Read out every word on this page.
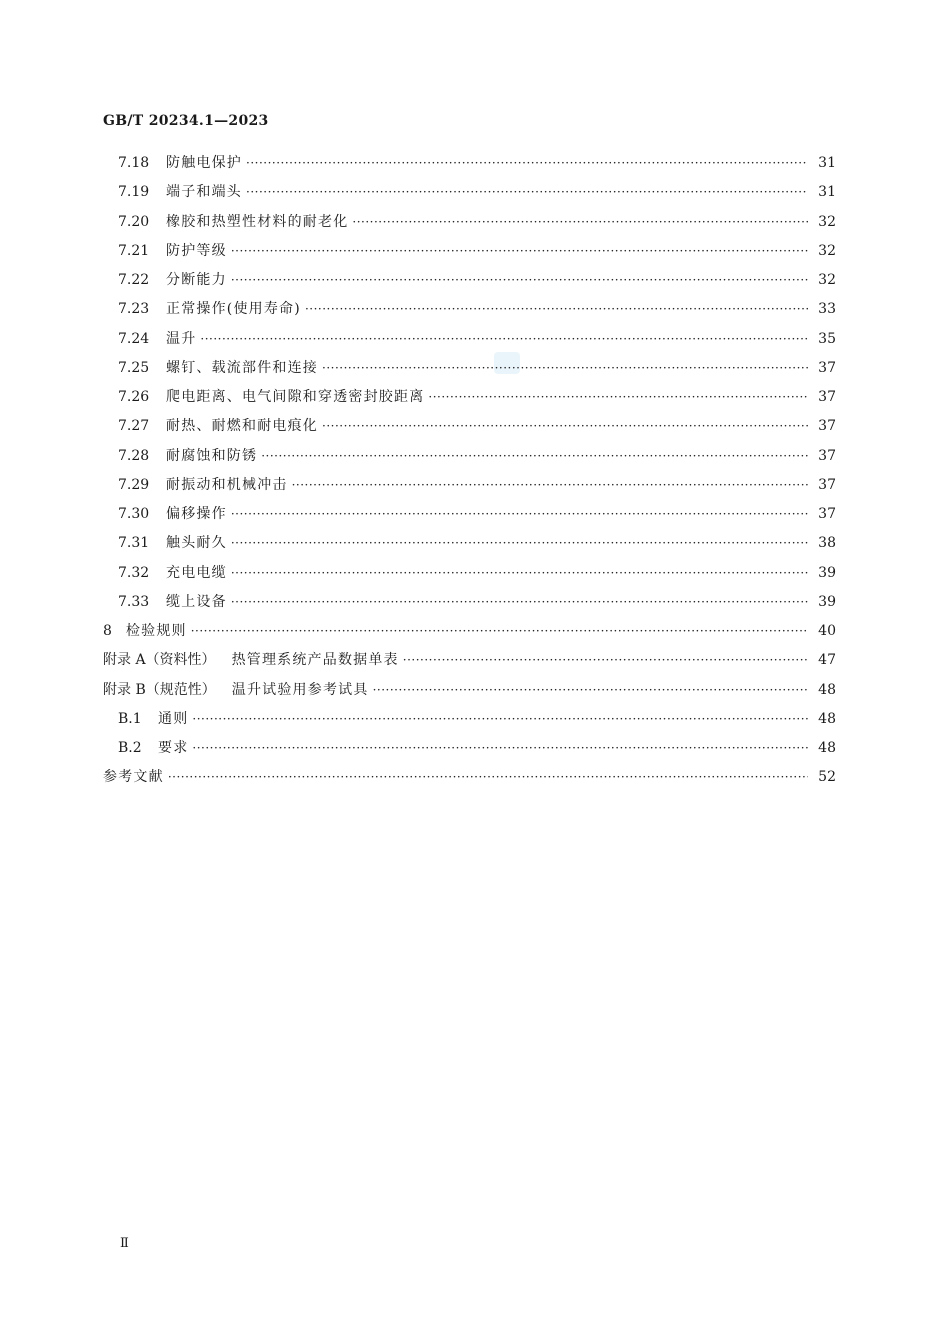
GB/T 20234.1—2023
7.18	防触电保护 ·····	31
7.19	端子和端头 ·····	31
7.20	橡胶和热塑性材料的耐老化 ·····	32
7.21	防护等级 ·····	32
7.22	分断能力 ·····	32
7.23	正常操作(使用寿命) ·····	33
7.24	温升 ·····	35
7.25	螺钉、载流部件和连接 ·····	37
7.26	爬电距离、电气间隙和穿透密封胶距离 ·····	37
7.27	耐热、耐燃和耐电痕化 ·····	37
7.28	耐腐蚀和防锈 ·····	37
7.29	耐振动和机械冲击 ·····	37
7.30	偏移操作 ·····	37
7.31	触头耐久 ·····	38
7.32	充电电缆 ·····	39
7.33	缆上设备 ·····	39
8 检验规则 ·····	40
附录 A（资料性） 热管理系统产品数据单表 ·····	47
附录 B（规范性） 温升试验用参考试具 ·····	48
B.1	通则 ·····	48
B.2	要求 ·····	48
参考文献 ·····	52
Ⅱ
